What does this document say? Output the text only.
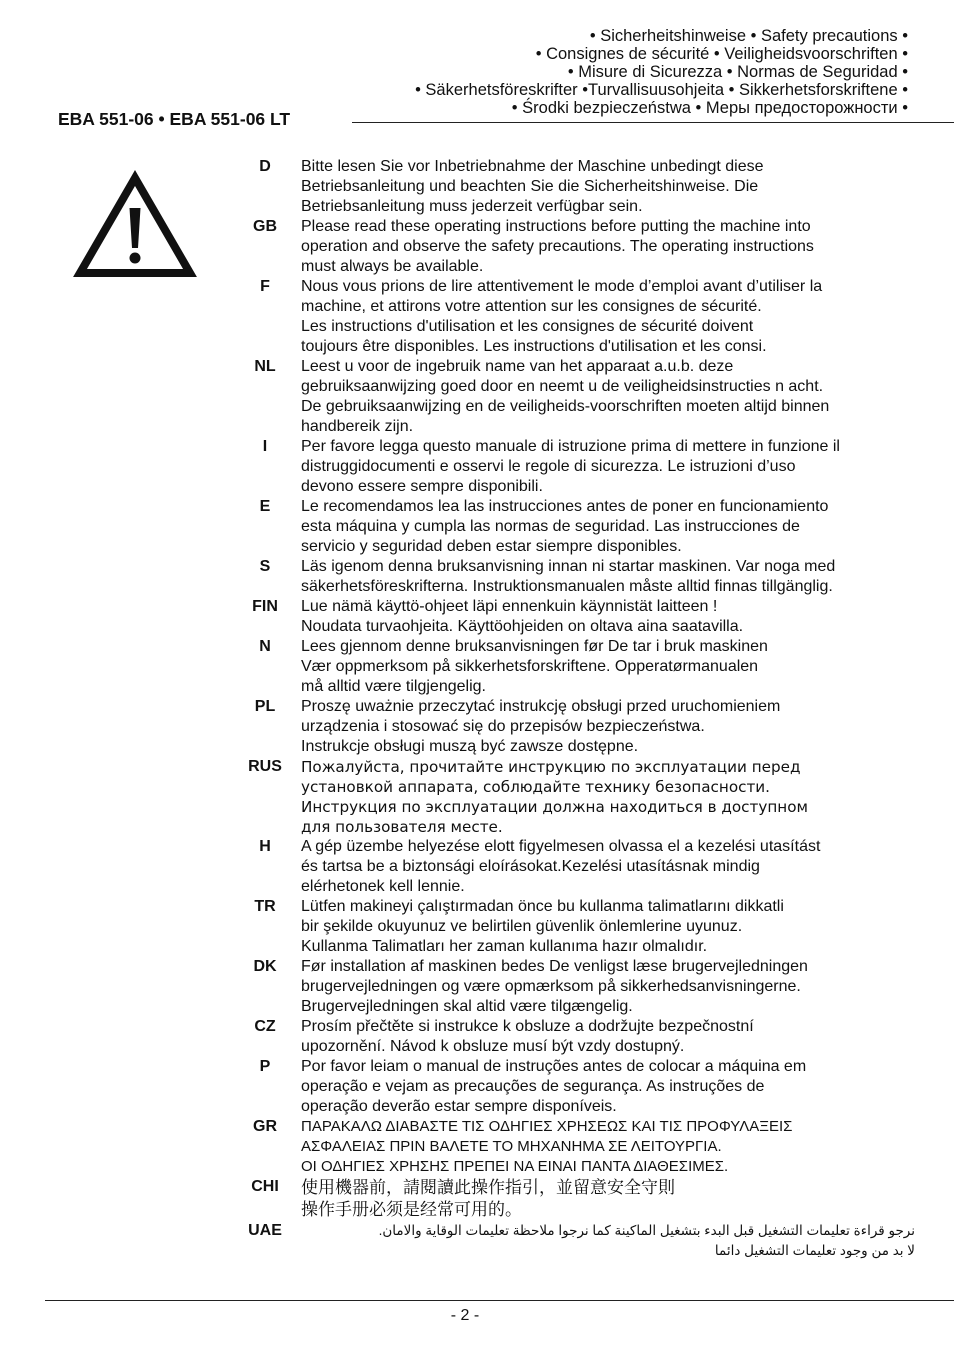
• Sicherheitshinweise • Safety precautions •
• Consignes de sécurité • Veiligheidsvoorschriften •
• Misure di Sicurezza • Normas de Seguridad •
• Säkerhetsföreskrifter •Turvallisuusohjeita • Sikkerhetsforskriftene •
• Środki bezpieczeństwa • Меры предосторожности •
EBA 551-06 • EBA 551-06 LT
D	Bitte lesen Sie vor Inbetriebnahme der Maschine unbedingt diese
Betriebsanleitung und beachten Sie die Sicherheitshinweise. Die
Betriebsanleitung muss jederzeit verfügbar sein.
GB	Please read these operating instructions before putting the machine into
operation and observe the safety precautions. The operating instructions
must always be available.
F	Nous vous prions de lire attentivement le mode d’emploi avant d’utiliser la
machine, et attirons votre attention sur les consignes de sécurité.
Les instructions d'utilisation et les consignes de sécurité doivent
toujours être disponibles. Les instructions d'utilisation et les consi.
NL	Leest u voor de ingebruik name van het apparaat a.u.b. deze
gebruiksaanwijzing goed door en neemt u de veiligheidsinstructies n acht.
De gebruiksaanwijzing en de veiligheids-voorschriften moeten altijd binnen
handbereik zijn.
I	Per favore legga questo manuale di istruzione prima di mettere in funzione il
distruggidocumenti e osservi le regole di sicurezza. Le istruzioni d’uso
devono essere sempre disponibili.
E	Le recomendamos lea las instrucciones antes de poner en funcionamiento
esta máquina y cumpla las normas de seguridad. Las instrucciones de
servicio y seguridad deben estar siempre disponibles.
S	Läs igenom denna bruksanvisning innan ni startar maskinen. Var noga med
säkerhetsföreskrifterna. Instruktionsmanualen måste alltid finnas tillgänglig.
FIN	Lue nämä käyttö-ohjeet läpi ennenkuin käynnistät laitteen !
Noudata turvaohjeita. Käyttöohjeiden on oltava aina saatavilla.
N	Lees gjennom denne bruksanvisningen før De tar i bruk maskinen
Vær oppmerksom på sikkerhetsforskriftene. Opperatørmanualen
må alltid være tilgjengelig.
PL	Proszę uważnie przeczytać instrukcję obsługi przed uruchomieniem
urządzenia i stosować się do przepisów bezpieczeństwa.
Instrukcje obsługi muszą być zawsze dostępne.
RUS	Пожалуйста, прочитайте инструкцию по эксплуатации перед
установкой аппарата, соблюдайте технику безопасности.
Инструкция по эксплуатации должна находиться в доступном
для пользователя месте.
H	A gép üzembe helyezése elott figyelmesen olvassa el a kezelési utasítást
és tartsa be a biztonsági eloírásokat.Kezelési utasításnak mindig
elérhetonek kell lennie.
TR	Lütfen makineyi çalıştırmadan önce bu kullanma talimatlarını dikkatli
bir şekilde okuyunuz ve belirtilen güvenlik önlemlerine uyunuz.
Kullanma Talimatları her zaman kullanıma hazır olmalıdır.
DK	Før installation af maskinen bedes De venligst læse brugervejledningen
brugervejledningen og være opmærksom på sikkerhedsanvisningerne.
Brugervejledningen skal altid være tilgængelig.
CZ	Prosím přečtěte si instrukce k obsluze a dodržujte bezpečnostní
upozornění. Návod k obsluze musí být vzdy dostupný.
P	Por favor leiam o manual de instruções antes de colocar a máquina em
operação e vejam as precauções de segurança. As instruções de
operação deverão estar sempre disponíveis.
GR	ΠΑΡΑΚΑΛΩ ΔΙΑΒΑΣΤΕ ΤΙΣ ΟΔΗΓΙΕΣ ΧΡΗΣΕΩΣ ΚΑΙ ΤΙΣ ΠΡΟΦΥΛΑΞΕΙΣ
ΑΣΦΑΛΕΙΑΣ ΠΡΙΝ ΒΑΛΕΤΕ ΤΟ ΜΗΧΑΝΗΜΑ ΣΕ ΛΕΙΤΟΥΡΓΙΑ.
ΟΙ ΟΔΗΓΙΕΣ ΧΡΗΣΗΣ ΠΡΕΠΕΙ ΝΑ ΕΙΝΑΙ ΠΑΝΤΑ ΔΙΑΘΕΣΙΜΕΣ.
CHI	使用機器前，請閱讀此操作指引，並留意安全守則
操作手册必须是经常可用的。
UAE	نرجو قراءة تعليمات التشغيل قبل البدء بتشغيل الماكينة كما نرجوا ملاحظة تعليمات الوقاية والامان.
لا بد من وجود تعليمات التشغيل دائما
- 2 -
